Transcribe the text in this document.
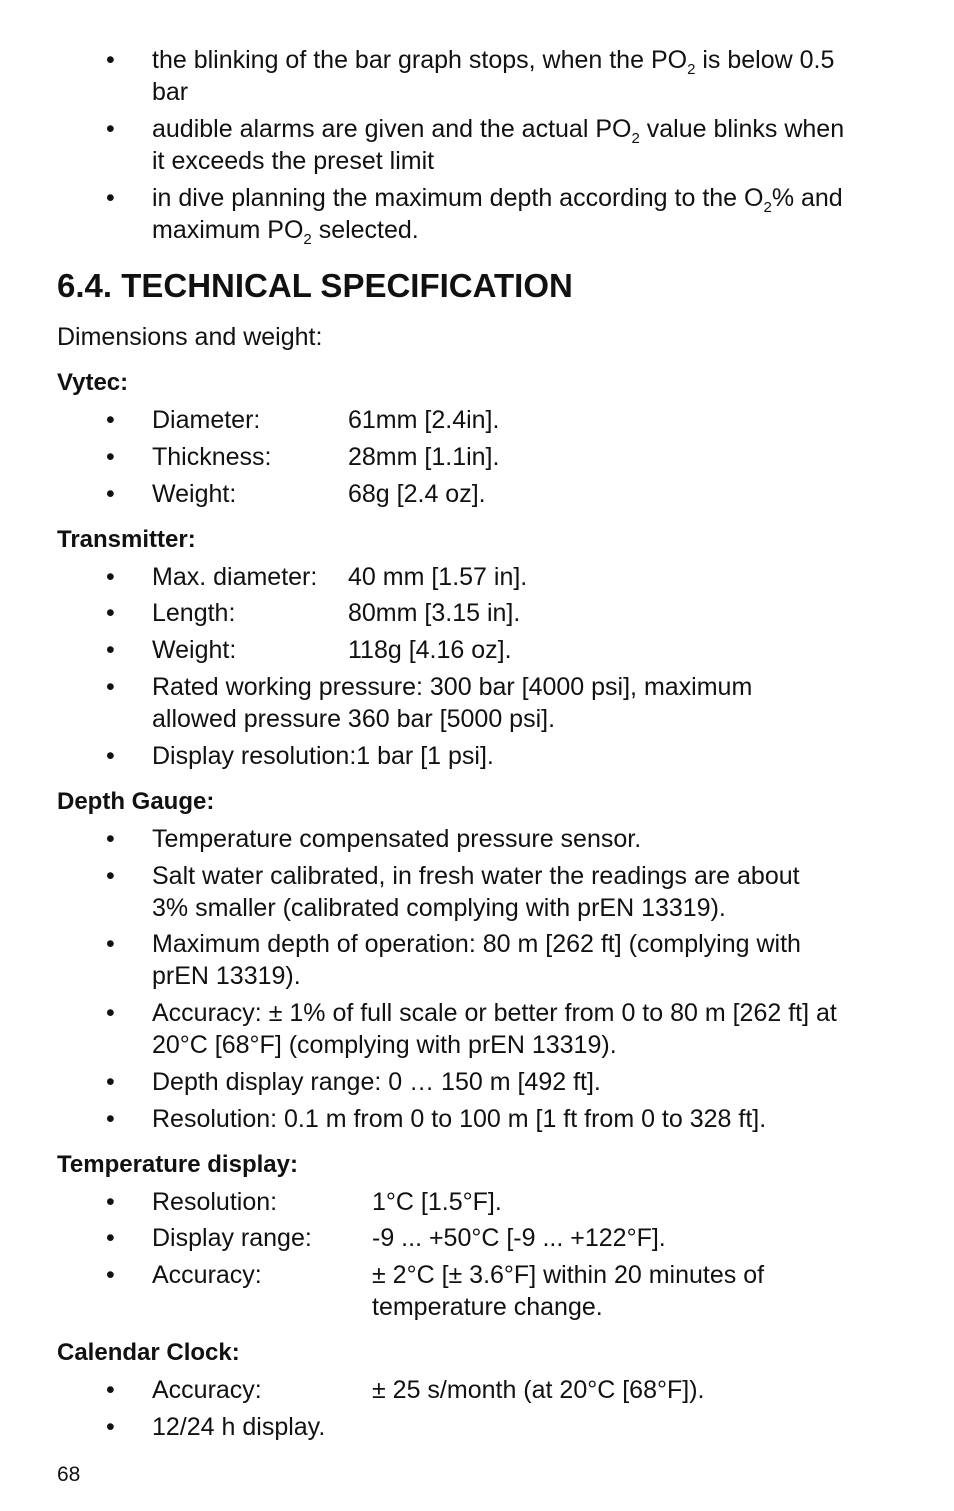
•
the blinking of the bar graph stops, when the $PO_2$ is below 0.5
bar
•
audible alarms are given and the actual $PO_2$ value blinks when
it exceeds the preset limit
•
in dive planning the maximum depth according to the $O_2\%$ and
maximum $PO_2$ selected.
6.4. TECHNICAL SPECIFICATION
Dimensions and weight:
Vytec:
•
Diameter:	61mm [2.4in].
•
Thickness:	28mm [1.1in].
•
Weight:	68g [2.4 oz].
Transmitter:
•
Max. diameter: 40 mm [1.57 in].
•
Length:	80mm [3.15 in].
•
Weight:	118g [4.16 oz].
•
Rated working pressure: 300 bar [4000 psi], maximum
allowed pressure 360 bar [5000 psi].
•
Display resolution:1 bar [1 psi].
Depth Gauge:
•
Temperature compensated pressure sensor.
•
Salt water calibrated, in fresh water the readings are about
3% smaller (calibrated complying with prEN 13319).
•
Maximum depth of operation: 80 m [262 ft] (complying with
prEN 13319).
•
Accuracy: ± 1% of full scale or better from 0 to 80 m [262 ft] at
20°C [68°F] (complying with prEN 13319).
•
Depth display range: 0 … 150 m [492 ft].
•
Resolution: 0.1 m from 0 to 100 m [1 ft from 0 to 328 ft].
Temperature display:
•
Resolution:	1°C [1.5°F].
•
Display range: -9 ... +50°C [-9 ... +122°F].
•
Accuracy:	± 2°C [± 3.6°F] within 20 minutes of
temperature change.
Calendar Clock:
•
Accuracy:	± 25 s/month (at 20°C [68°F]).
•
12/24 h display.
68
